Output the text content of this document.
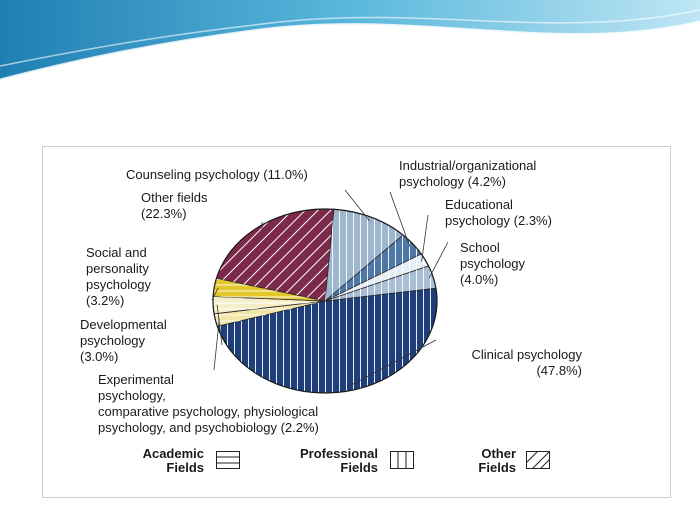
Counseling psychology (11.0%)
Industrial/organizational
psychology (4.2%)
Educational
psychology (2.3%)
School
psychology
(4.0%)
Other fields
(22.3%)
Social and
personality
psychology
(3.2%)
Developmental
psychology
(3.0%)
Experimental
psychology,
comparative psychology, physiological
psychology, and psychobiology (2.2%)
Clinical psychology (47.8%)
Academic
Fields
Professional
Fields
Other
Fields
